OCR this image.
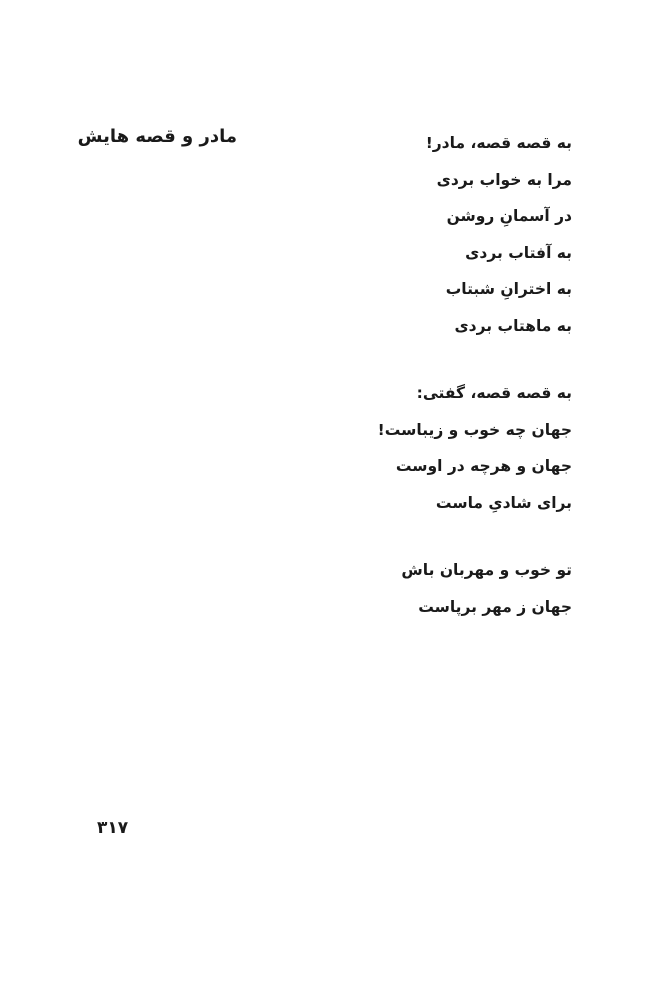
مادر و قصه هایش	به قصه قصه، مادر!
مرا به خواب بردی
در آسمانِ روشن
به آفتاب بردی
به اخترانِ شبتاب
به ماهتاب بردی
به قصه قصه، گفتی:
جهان چه خوب و زیباست!
جهان و هرچه در اوست
برای شادیِ ماست
تو خوب و مهربان باش
جهان ز مهر برپاست
۳۱۷
